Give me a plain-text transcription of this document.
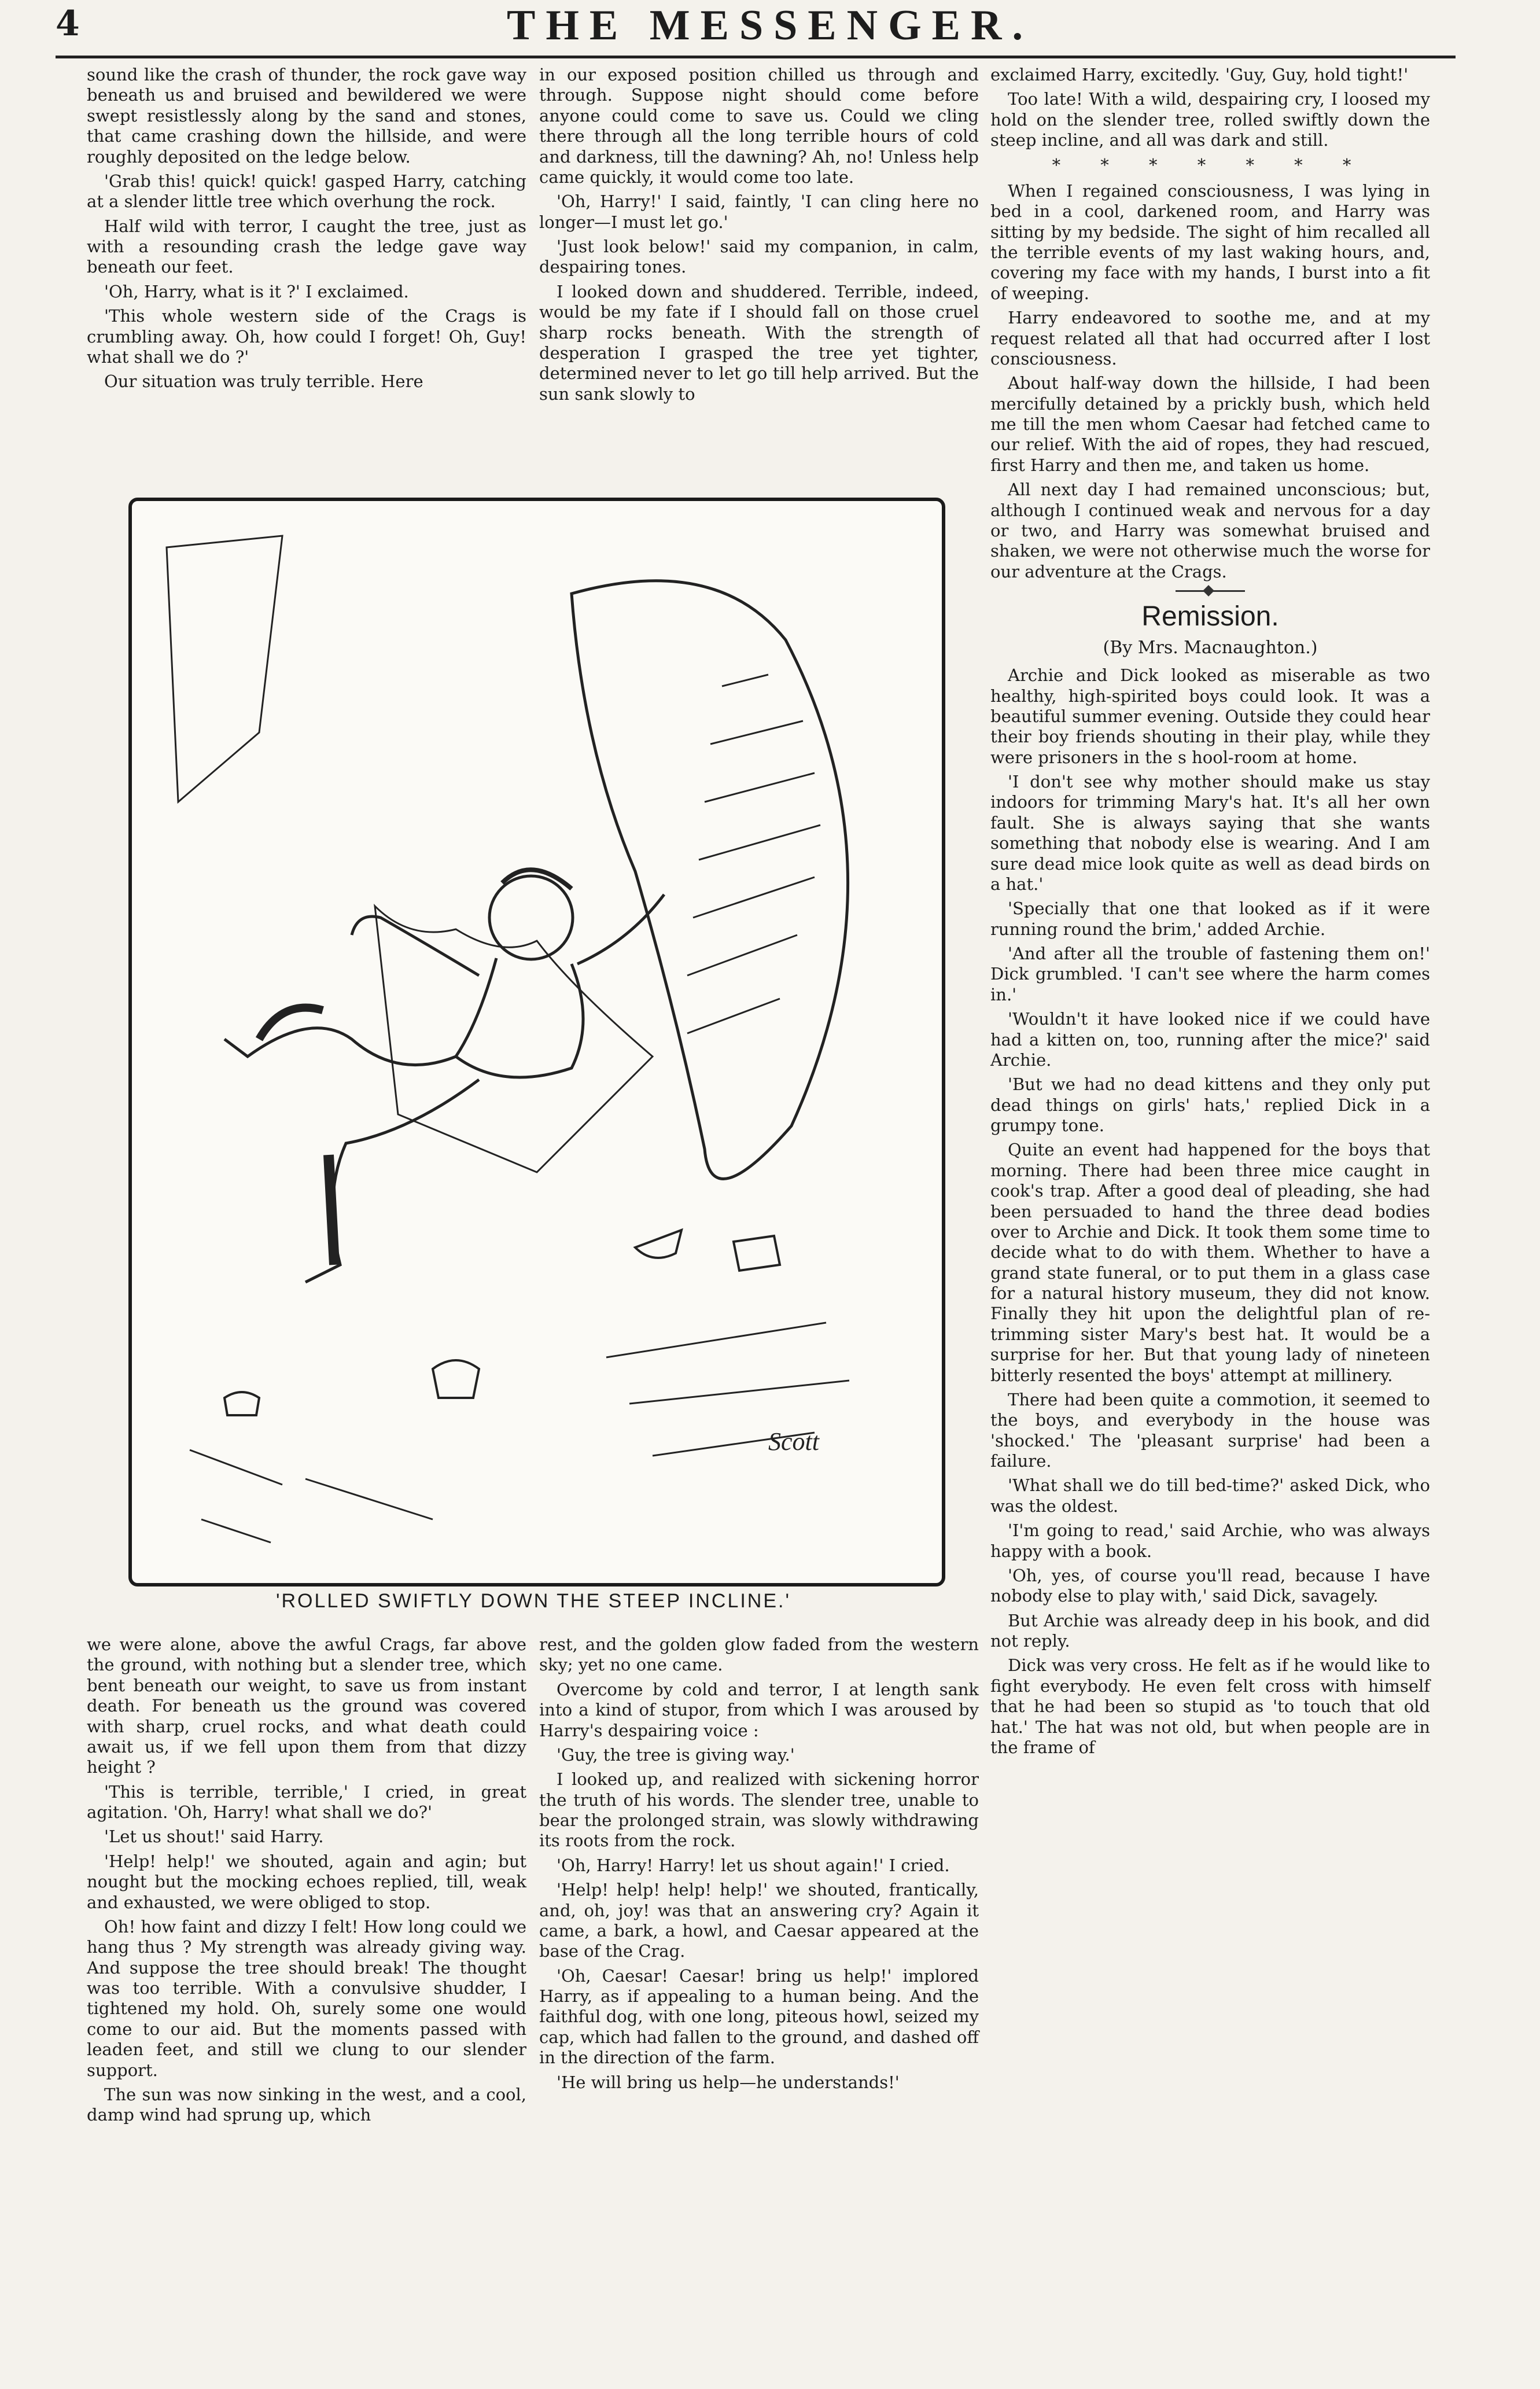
4	THE MESSENGER.

sound like the crash of thunder, the rock gave way beneath us and bruised and bewildered we were swept resistlessly along by the sand and stones, that came crashing down the hillside, and were roughly deposited on the ledge below.

'Grab this! quick! quick! gasped Harry, catching at a slender little tree which overhung the rock.

Half wild with terror, I caught the tree, just as with a resounding crash the ledge gave way beneath our feet.

'Oh, Harry, what is it ?' I exclaimed.

'This whole western side of the Crags is crumbling away. Oh, how could I forget! Oh, Guy! what shall we do ?'

Our situation was truly terrible. Here

in our exposed position chilled us through and through. Suppose night should come before anyone could come to save us. Could we cling there through all the long terrible hours of cold and darkness, till the dawning? Ah, no! Unless help came quickly, it would come too late.

'Oh, Harry!' I said, faintly, 'I can cling here no longer—I must let go.'

'Just look below!' said my companion, in calm, despairing tones.

I looked down and shuddered. Terrible, indeed, would be my fate if I should fall on those cruel sharp rocks beneath. With the strength of desperation I grasped the tree yet tighter, determined never to let go till help arrived. But the sun sank slowly to

exclaimed Harry, excitedly. 'Guy, Guy, hold tight!'

Too late! With a wild, despairing cry, I loosed my hold on the slender tree, rolled swiftly down the steep incline, and all was dark and still.

* * * * * * *

When I regained consciousness, I was lying in bed in a cool, darkened room, and Harry was sitting by my bedside. The sight of him recalled all the terrible events of my last waking hours, and, covering my face with my hands, I burst into a fit of weeping.

Harry endeavored to soothe me, and at my request related all that had occurred after I lost consciousness.

About half-way down the hillside, I had been mercifully detained by a prickly bush, which held me till the men whom Caesar had fetched came to our relief. With the aid of ropes, they had rescued, first Harry and then me, and taken us home.

All next day I had remained unconscious; but, although I continued weak and nervous for a day or two, and Harry was somewhat bruised and shaken, we were not otherwise much the worse for our adventure at the Crags.

Remission.
(By Mrs. Macnaughton.)

Archie and Dick looked as miserable as two healthy, high-spirited boys could look. It was a beautiful summer evening. Outside they could hear their boy friends shouting in their play, while they were prisoners in the s hool-room at home.

'I don't see why mother should make us stay indoors for trimming Mary's hat. It's all her own fault. She is always saying that she wants something that nobody else is wearing. And I am sure dead mice look quite as well as dead birds on a hat.'

'Specially that one that looked as if it were running round the brim,' added Archie.

'And after all the trouble of fastening them on!' Dick grumbled. 'I can't see where the harm comes in.'

'Wouldn't it have looked nice if we could have had a kitten on, too, running after the mice?' said Archie.

'But we had no dead kittens and they only put dead things on girls' hats,' replied Dick in a grumpy tone.

Quite an event had happened for the boys that morning. There had been three mice caught in cook's trap. After a good deal of pleading, she had been persuaded to hand the three dead bodies over to Archie and Dick. It took them some time to decide what to do with them. Whether to have a grand state funeral, or to put them in a glass case for a natural history museum, they did not know. Finally they hit upon the delightful plan of re-trimming sister Mary's best hat. It would be a surprise for her. But that young lady of nineteen bitterly resented the boys' attempt at millinery.

There had been quite a commotion, it seemed to the boys, and everybody in the house was 'shocked.' The 'pleasant surprise' had been a failure.

'What shall we do till bed-time?' asked Dick, who was the oldest.

'I'm going to read,' said Archie, who was always happy with a book.

'Oh, yes, of course you'll read, because I have nobody else to play with,' said Dick, savagely.

But Archie was already deep in his book, and did not reply.

Dick was very cross. He felt as if he would like to fight everybody. He even felt cross with himself that he had been so stupid as 'to touch that old hat.' The hat was not old, but when people are in the frame of

Scott
'ROLLED SWIFTLY DOWN THE STEEP INCLINE.'

we were alone, above the awful Crags, far above the ground, with nothing but a slender tree, which bent beneath our weight, to save us from instant death. For beneath us the ground was covered with sharp, cruel rocks, and what death could await us, if we fell upon them from that dizzy height ?

'This is terrible, terrible,' I cried, in great agitation. 'Oh, Harry! what shall we do?'

'Let us shout!' said Harry.

'Help! help!' we shouted, again and agin; but nought but the mocking echoes replied, till, weak and exhausted, we were obliged to stop.

Oh! how faint and dizzy I felt! How long could we hang thus ? My strength was already giving way. And suppose the tree should break! The thought was too terrible. With a convulsive shudder, I tightened my hold. Oh, surely some one would come to our aid. But the moments passed with leaden feet, and still we clung to our slender support.

The sun was now sinking in the west, and a cool, damp wind had sprung up, which

rest, and the golden glow faded from the western sky; yet no one came.

Overcome by cold and terror, I at length sank into a kind of stupor, from which I was aroused by Harry's despairing voice :

'Guy, the tree is giving way.'

I looked up, and realized with sickening horror the truth of his words. The slender tree, unable to bear the prolonged strain, was slowly withdrawing its roots from the rock.

'Oh, Harry! Harry! let us shout again!' I cried.

'Help! help! help! help!' we shouted, frantically, and, oh, joy! was that an answering cry? Again it came, a bark, a howl, and Caesar appeared at the base of the Crag.

'Oh, Caesar! Caesar! bring us help!' implored Harry, as if appealing to a human being. And the faithful dog, with one long, piteous howl, seized my cap, which had fallen to the ground, and dashed off in the direction of the farm.

'He will bring us help—he understands!'
